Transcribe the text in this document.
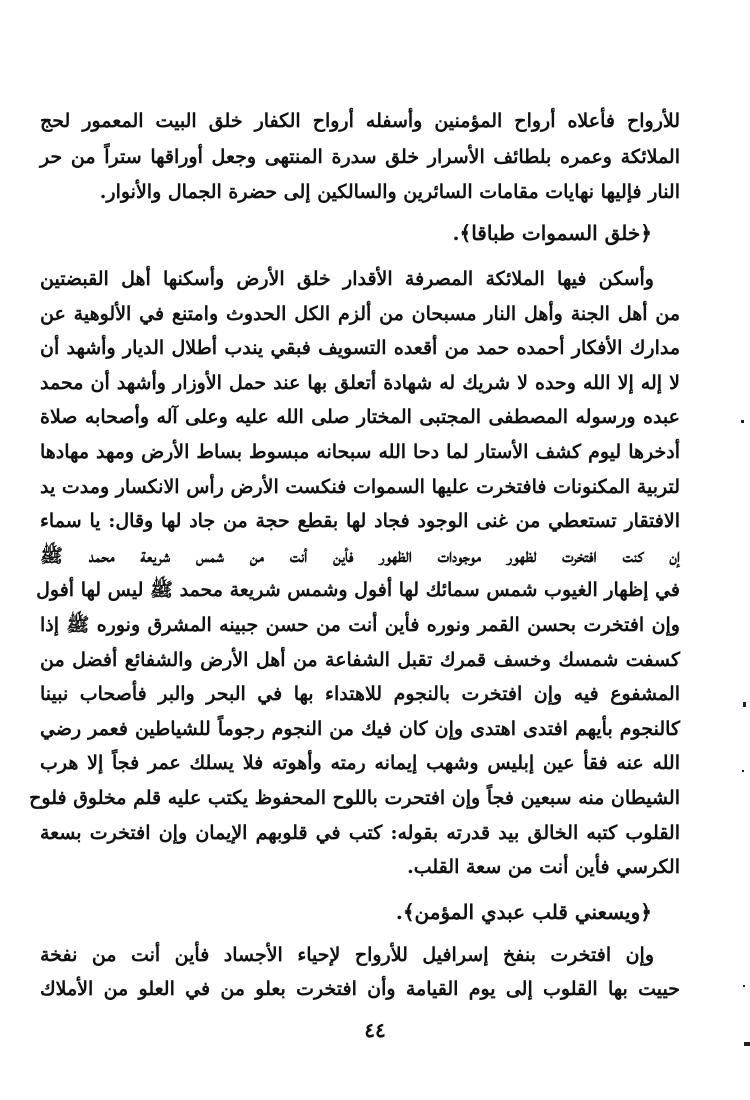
للأرواح فأعلاه أرواح المؤمنين وأسفله أرواح الكفار خلق البيت المعمور لحج
الملائكة وعمره بلطائف الأسرار خلق سدرة المنتهى وجعل أوراقها ستراً من حر
النار فإليها نهايات مقامات السائرين والسالكين إلى حضرة الجمال والأنوار.
﴿خلق السموات طباقا﴾.
وأسكن فيها الملائكة المصرفة الأقدار خلق الأرض وأسكنها أهل القبضتين
من أهل الجنة وأهل النار مسبحان من ألزم الكل الحدوث وامتنع في الألوهية عن
مدارك الأفكار أحمده حمد من أقعده التسويف فبقي يندب أطلال الديار وأشهد أن
لا إله إلا الله وحده لا شريك له شهادة أتعلق بها عند حمل الأوزار وأشهد أن محمد
عبده ورسوله المصطفى المجتبى المختار صلى الله عليه وعلى آله وأصحابه صلاة
أدخرها ليوم كشف الأستار لما دحا الله سبحانه مبسوط بساط الأرض ومهد مهادها
لتربية المكنونات فافتخرت عليها السموات فنكست الأرض رأس الانكسار ومدت يد
الافتقار تستعطي من غنى الوجود فجاد لها بقطع حجة من جاد لها وقال: يا سماء
إن كنت افتخرت لظهور موجودات الظهور فأين أنت من شمس شريعة محمد ﷺ
في إظهار الغيوب شمس سمائك لها أفول وشمس شريعة محمد ﷺ ليس لها أفول
وإن افتخرت بحسن القمر ونوره فأين أنت من حسن جبينه المشرق ونوره ﷺ إذا
كسفت شمسك وخسف قمرك تقبل الشفاعة من أهل الأرض والشفائع أفضل من
المشفوع فيه وإن افتخرت بالنجوم للاهتداء بها في البحر والبر فأصحاب نبينا
كالنجوم بأيهم افتدى اهتدى وإن كان فيك من النجوم رجوماً للشياطين فعمر رضي
الله عنه فقأ عين إبليس وشهب إيمانه رمته وأهوته فلا يسلك عمر فجاً إلا هرب
الشيطان منه سبعين فجاً وإن افتحرت باللوح المحفوظ يكتب عليه قلم مخلوق فلوح
القلوب كتبه الخالق بيد قدرته بقوله: كتب في قلوبهم الإيمان وإن افتخرت بسعة
الكرسي فأين أنت من سعة القلب.
﴿ويسعني قلب عبدي المؤمن﴾.
وإن افتخرت بنفخ إسرافيل للأرواح لإحياء الأجساد فأين أنت من نفخة
حييت بها القلوب إلى يوم القيامة وأن افتخرت بعلو من في العلو من الأملاك
٤٤
